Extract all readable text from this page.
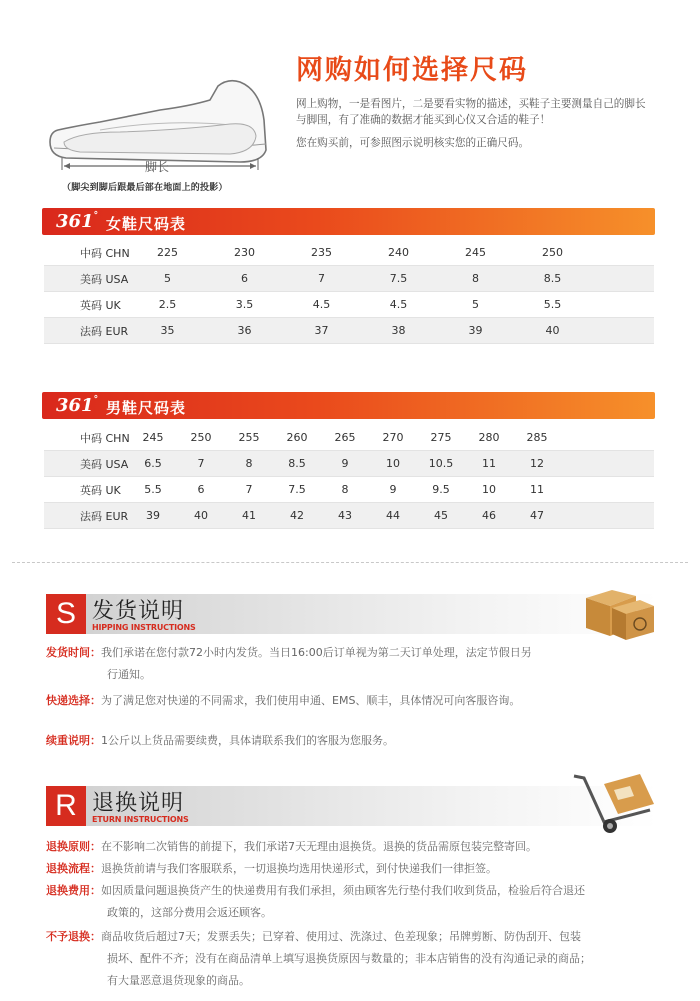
脚长
（脚尖到脚后跟最后部在地面上的投影）
网购如何选择尺码
网上购物，一是看图片，二是要看实物的描述，买鞋子主要测量自己的脚长与脚围，有了准确的数据才能买到心仪又合适的鞋子！
您在购买前，可参照图示说明核实您的正确尺码。
361° 女鞋尺码表
中码 CHN	225	230	235	240	245	250
美码 USA	5	6	7	7.5	8	8.5
英码 UK	2.5	3.5	4.5	4.5	5	5.5
法码 EUR	35	36	37	38	39	40
361° 男鞋尺码表
中码 CHN	245	250	255	260	265	270	275	280	285
美码 USA	6.5	7	8	8.5	9	10	10.5	11	12
英码 UK	5.5	6	7	7.5	8	9	9.5	10	11
法码 EUR	39	40	41	42	43	44	45	46	47
S 发货说明
HIPPING INSTRUCTIONS
发货时间：我们承诺在您付款72小时内发货。当日16:00后订单视为第二天订单处理，法定节假日另
行通知。
快递选择：为了满足您对快递的不同需求，我们使用申通、EMS、顺丰，具体情况可向客服咨询。
续重说明：1公斤以上货品需要续费，具体请联系我们的客服为您服务。
R 退换说明
ETURN INSTRUCTIONS
退换原则：在不影响二次销售的前提下，我们承诺7天无理由退换货。退换的货品需原包装完整寄回。
退换流程：退换货前请与我们客服联系，一切退换均选用快递形式，到付快递我们一律拒签。
退换费用：如因质量问题退换货产生的快递费用有我们承担，须由顾客先行垫付我们收到货品，检验后符合退还
政策的，这部分费用会返还顾客。
不予退换：商品收货后超过7天；发票丢失；已穿着、使用过、洗涤过、色差现象；吊牌剪断、防伪刮开、包装
损坏、配件不齐；没有在商品清单上填写退换货原因与数量的；非本店销售的没有沟通记录的商品；
有大量恶意退货现象的商品。
